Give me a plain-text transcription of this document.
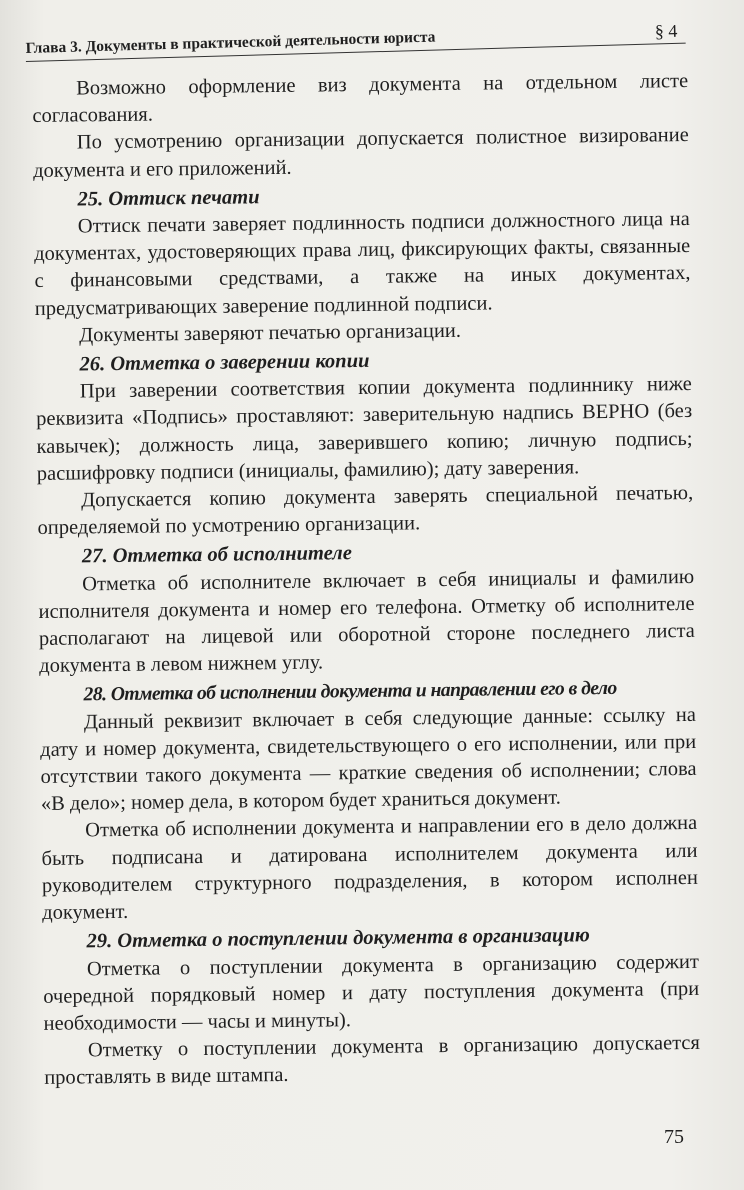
Глава 3. Документы в практической деятельности юриста	§ 4

Возможно оформление виз документа на отдельном листе согласования.

По усмотрению организации допускается полистное визирование документа и его приложений.

25. Оттиск печати

Оттиск печати заверяет подлинность подписи должностного лица на документах, удостоверяющих права лиц, фиксирующих факты, связанные с финансовыми средствами, а также на иных документах, предусматривающих заверение подлинной подписи.

Документы заверяют печатью организации.

26. Отметка о заверении копии

При заверении соответствия копии документа подлиннику ниже реквизита «Подпись» проставляют: заверительную надпись ВЕРНО (без кавычек); должность лица, заверившего копию; личную подпись; расшифровку подписи (инициалы, фамилию); дату заверения.

Допускается копию документа заверять специальной печатью, определяемой по усмотрению организации.

27. Отметка об исполнителе

Отметка об исполнителе включает в себя инициалы и фамилию исполнителя документа и номер его телефона. Отметку об исполнителе располагают на лицевой или оборотной стороне последнего листа документа в левом нижнем углу.

28. Отметка об исполнении документа и направлении его в дело

Данный реквизит включает в себя следующие данные: ссылку на дату и номер документа, свидетельствующего о его исполнении, или при отсутствии такого документа — краткие сведения об исполнении; слова «В дело»; номер дела, в котором будет храниться документ.

Отметка об исполнении документа и направлении его в дело должна быть подписана и датирована исполнителем документа или руководителем структурного подразделения, в котором исполнен документ.

29. Отметка о поступлении документа в организацию

Отметка о поступлении документа в организацию содержит очередной порядковый номер и дату поступления документа (при необходимости — часы и минуты).

Отметку о поступлении документа в организацию допускается проставлять в виде штампа.

75
